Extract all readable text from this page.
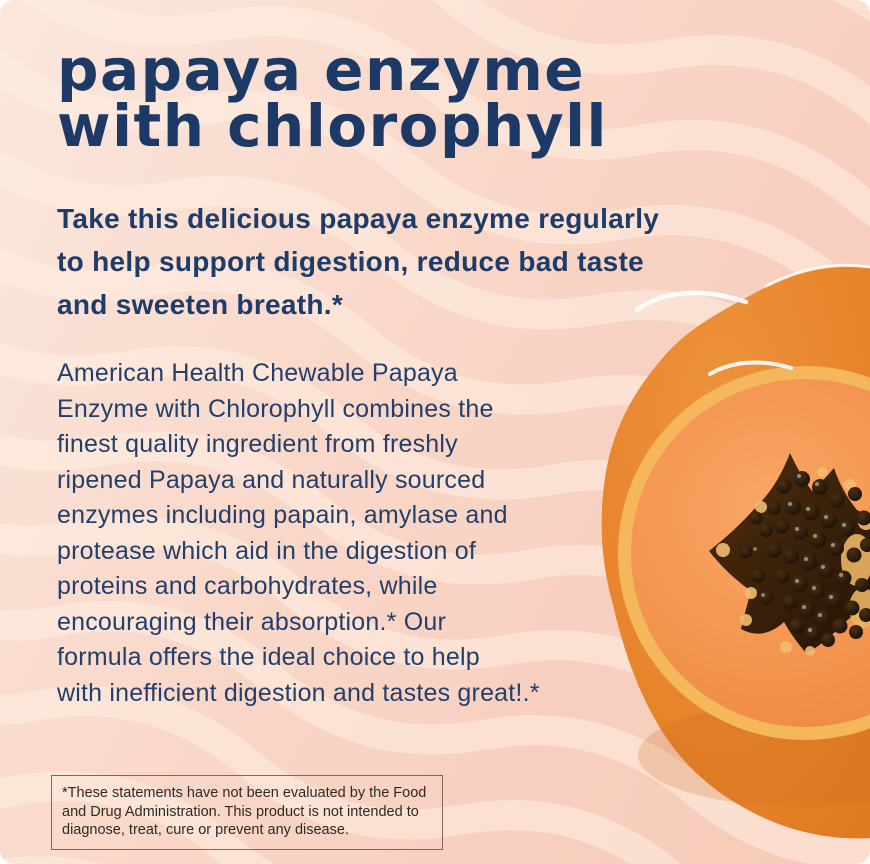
papaya enzyme
with chlorophyll
Take this delicious papaya enzyme regularly
to help support digestion, reduce bad taste
and sweeten breath.*

American Health Chewable Papaya
Enzyme with Chlorophyll combines the
finest quality ingredient from freshly
ripened Papaya and naturally sourced
enzymes including papain, amylase and
protease which aid in the digestion of
proteins and carbohydrates, while
encouraging their absorption.* Our
formula offers the ideal choice to help
with inefficient digestion and tastes great!.*

*These statements have not been evaluated by the Food
and Drug Administration. This product is not intended to
diagnose, treat, cure or prevent any disease.
